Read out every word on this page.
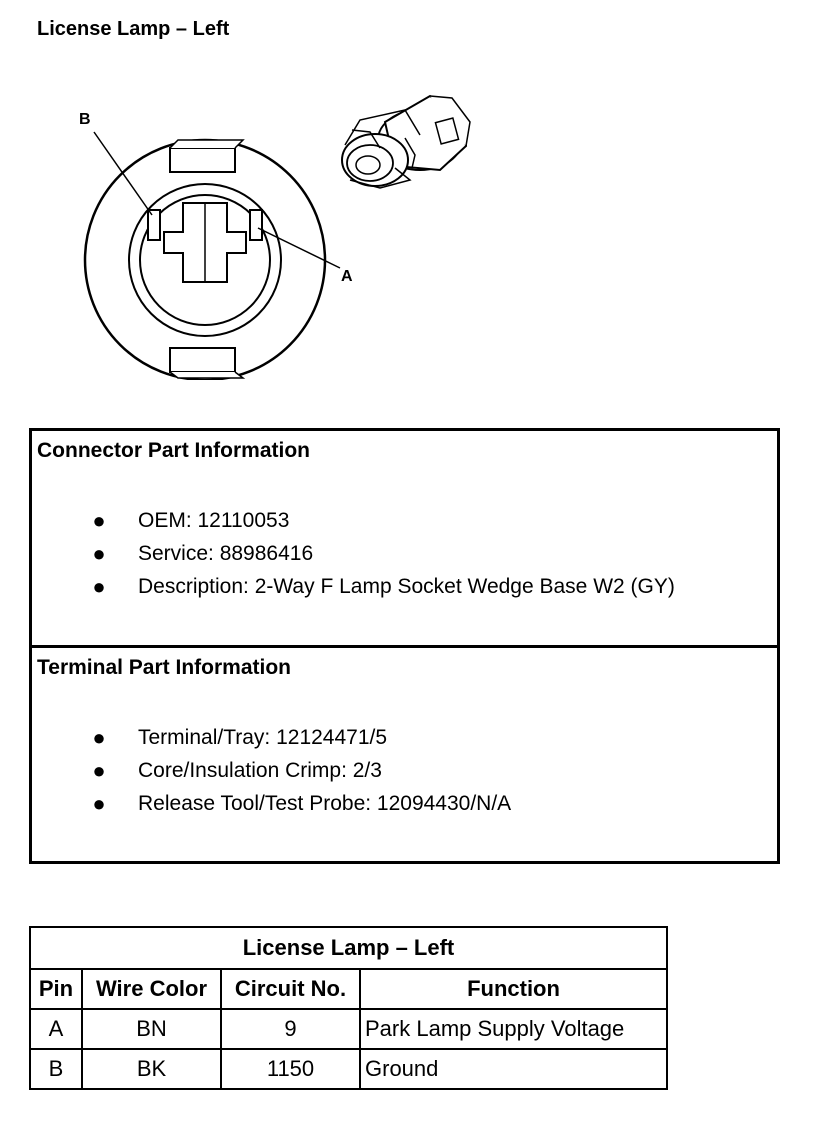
License Lamp – Left
B
A
Connector Part Information
● OEM: 12110053
● Service: 88986416
● Description: 2-Way F Lamp Socket Wedge Base W2 (GY)
Terminal Part Information
● Terminal/Tray: 12124471/5
● Core/Insulation Crimp: 2/3
● Release Tool/Test Probe: 12094430/N/A
License Lamp – Left			
Pin	Wire Color	Circuit No.	Function
A	BN	9	Park Lamp Supply Voltage
B	BK	1150	Ground
